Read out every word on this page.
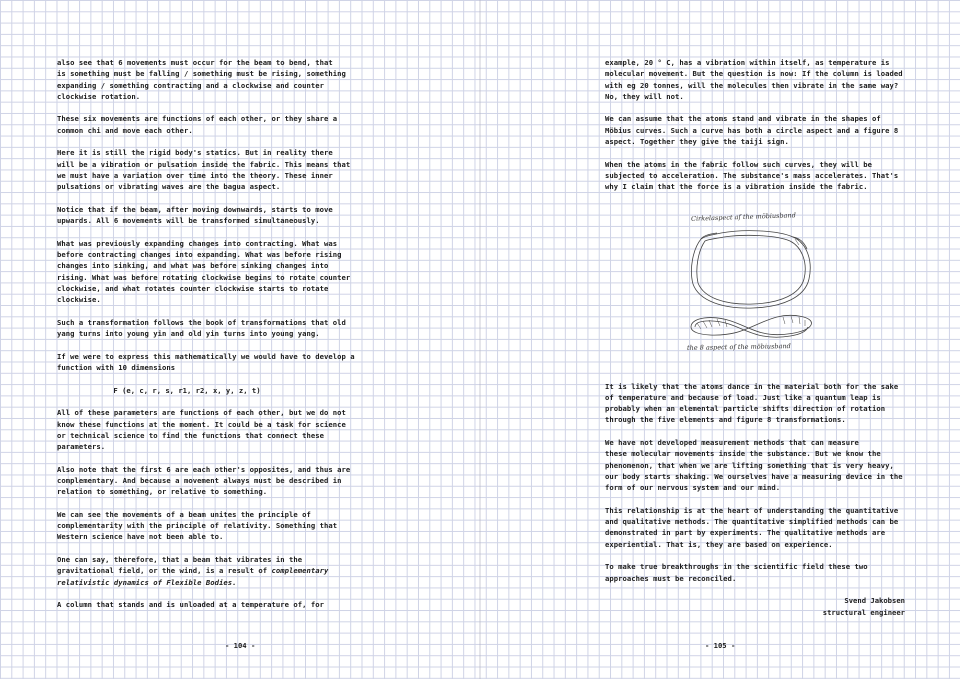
also see that 6 movements must occur for the beam to bend, that
is something must be falling / something must be rising, something
expanding / something contracting and a clockwise and counter
clockwise rotation.

These six movements are functions of each other, or they share a
common chi and move each other.

Here it is still the rigid body's statics. But in reality there
will be a vibration or pulsation inside the fabric. This means that
we must have a variation over time into the theory. These inner
pulsations or vibrating waves are the bagua aspect.

Notice that if the beam, after moving downwards, starts to move
upwards. All 6 movements will be transformed simultaneously.

What was previously expanding changes into contracting. What was
before contracting changes into expanding. What was before rising
changes into sinking, and what was before sinking changes into
rising. What was before rotating clockwise begins to rotate counter
clockwise, and what rotates counter clockwise starts to rotate
clockwise.

Such a transformation follows the book of transformations that old
yang turns into young yin and old yin turns into young yang.

If we were to express this mathematically we would have to develop a
function with 10 dimensions

F (e, c, r, s, r1, r2, x, y, z, t)

All of these parameters are functions of each other, but we do not
know these functions at the moment. It could be a task for science
or technical science to find the functions that connect these
parameters.

Also note that the first 6 are each other's opposites, and thus are
complementary. And because a movement always must be described in
relation to something, or relative to something.

We can see the movements of a beam unites the principle of
complementarity with the principle of relativity. Something that
Western science have not been able to.

One can say, therefore, that a beam that vibrates in the
gravitational field, or the wind, is a result of complementary
relativistic dynamics of Flexible Bodies.

A column that stands and is unloaded at a temperature of, for

- 104 -

example, 20 ° C, has a vibration within itself, as temperature is
molecular movement. But the question is now: If the column is loaded
with eg 20 tonnes, will the molecules then vibrate in the same way?
No, they will not.

We can assume that the atoms stand and vibrate in the shapes of
Möbius curves. Such a curve has both a circle aspect and a figure 8
aspect. Together they give the taiji sign.

When the atoms in the fabric follow such curves, they will be
subjected to acceleration. The substance's mass accelerates. That's
why I claim that the force is a vibration inside the fabric.

Cirkelaspect af the möbiusband
the 8 aspect of the möbiusband

It is likely that the atoms dance in the material both for the sake
of temperature and because of load. Just like a quantum leap is
probably when an elemental particle shifts direction of rotation
through the five elements and figure 8 transformations.

We have not developed measurement methods that can measure
these molecular movements inside the substance. But we know the
phenomenon, that when we are lifting something that is very heavy,
our body starts shaking. We ourselves have a measuring device in the
form of our nervous system and our mind.

This relationship is at the heart of understanding the quantitative
and qualitative methods. The quantitative simplified methods can be
demonstrated in part by experiments. The qualitative methods are
experiential. That is, they are based on experience.

To make true breakthroughs in the scientific field these two
approaches must be reconciled.

Svend Jakobsen
structural engineer
- 105 -
